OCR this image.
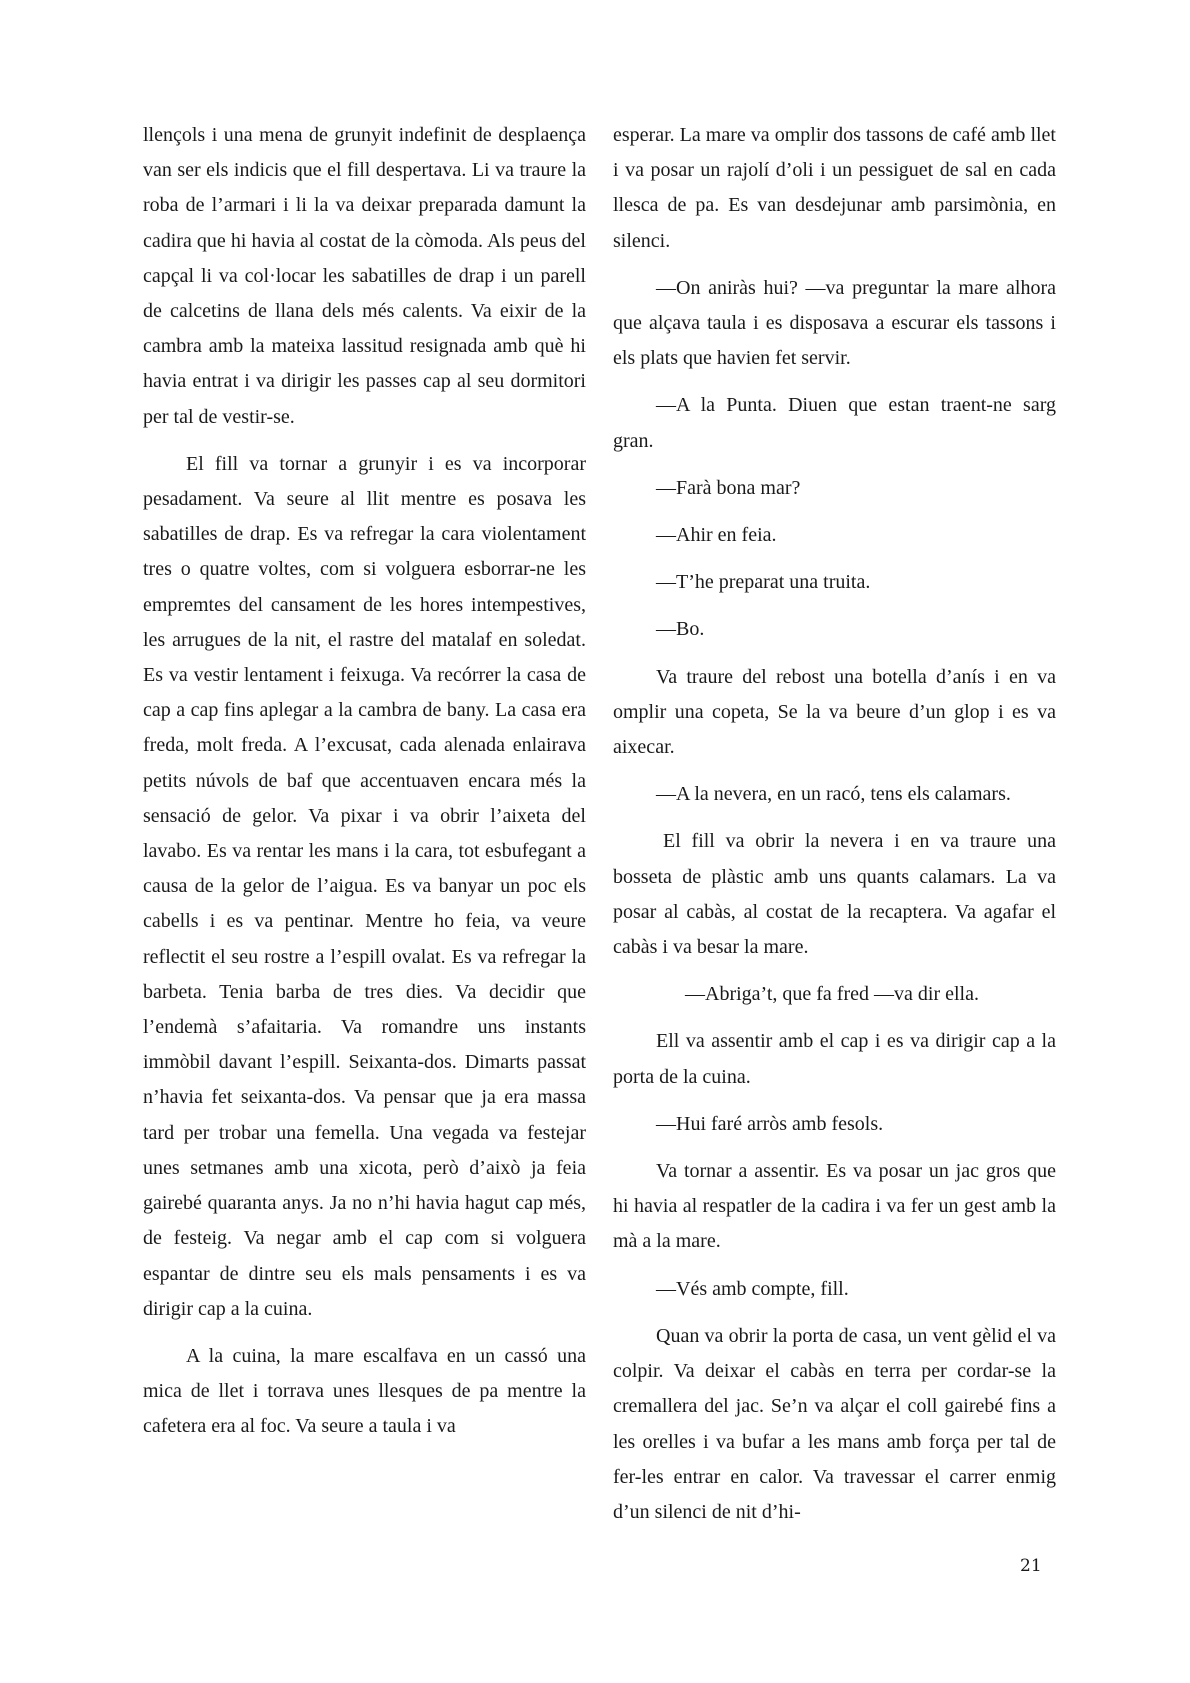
llençols i una mena de grunyit indefinit de desplaença van ser els indicis que el fill despertava. Li va traure la roba de l’armari i li la va deixar preparada damunt la cadira que hi havia al costat de la còmoda. Als peus del capçal li va col·locar les sabatilles de drap i un parell de calcetins de llana dels més calents. Va eixir de la cambra amb la mateixa lassitud resignada amb què hi havia entrat i va dirigir les passes cap al seu dormitori per tal de vestir-se.

El fill va tornar a grunyir i es va incorporar pesadament. Va seure al llit mentre es posava les sabatilles de drap. Es va refregar la cara violentament tres o quatre voltes, com si volguera esborrar-ne les empremtes del cansament de les hores intempestives, les arrugues de la nit, el rastre del matalaf en soledat. Es va vestir lentament i feixuga. Va recórrer la casa de cap a cap fins aplegar a la cambra de bany. La casa era freda, molt freda. A l’excusat, cada alenada enlairava petits núvols de baf que accentuaven encara més la sensació de gelor. Va pixar i va obrir l’aixeta del lavabo. Es va rentar les mans i la cara, tot esbufegant a causa de la gelor de l’aigua. Es va banyar un poc els cabells i es va pentinar. Mentre ho feia, va veure reflectit el seu rostre a l’espill ovalat. Es va refregar la barbeta. Tenia barba de tres dies. Va decidir que l’endemà s’afaitaria. Va romandre uns instants immòbil davant l’espill. Seixanta-dos. Dimarts passat n’havia fet seixanta-dos. Va pensar que ja era massa tard per trobar una femella. Una vegada va festejar unes setmanes amb una xicota, però d’això ja feia gairebé quaranta anys. Ja no n’hi havia hagut cap més, de festeig. Va negar amb el cap com si volguera espantar de dintre seu els mals pensaments i es va dirigir cap a la cuina.

A la cuina, la mare escalfava en un cassó una mica de llet i torrava unes llesques de pa mentre la cafetera era al foc. Va seure a taula i va

esperar. La mare va omplir dos tassons de café amb llet i va posar un rajolí d’oli i un pessiguet de sal en cada llesca de pa. Es van desdejunar amb parsimònia, en silenci.

—On aniràs hui? —va preguntar la mare alhora que alçava taula i es disposava a escurar els tassons i els plats que havien fet servir.

—A la Punta. Diuen que estan traent-ne sarg gran.

—Farà bona mar?

—Ahir en feia.

—T’he preparat una truita.

—Bo.

Va traure del rebost una botella d’anís i en va omplir una copeta, Se la va beure d’un glop i es va aixecar.

—A la nevera, en un racó, tens els calamars.

El fill va obrir la nevera i en va traure una bosseta de plàstic amb uns quants calamars. La va posar al cabàs, al costat de la recaptera. Va agafar el cabàs i va besar la mare.

—Abriga’t, que fa fred —va dir ella.

Ell va assentir amb el cap i es va dirigir cap a la porta de la cuina.

—Hui faré arròs amb fesols.

Va tornar a assentir. Es va posar un jac gros que hi havia al respatler de la cadira i va fer un gest amb la mà a la mare.

—Vés amb compte, fill.

Quan va obrir la porta de casa, un vent gèlid el va colpir. Va deixar el cabàs en terra per cordar-se la cremallera del jac. Se’n va alçar el coll gairebé fins a les orelles i va bufar a les mans amb força per tal de fer-les entrar en calor. Va travessar el carrer enmig d’un silenci de nit d’hi-

21
